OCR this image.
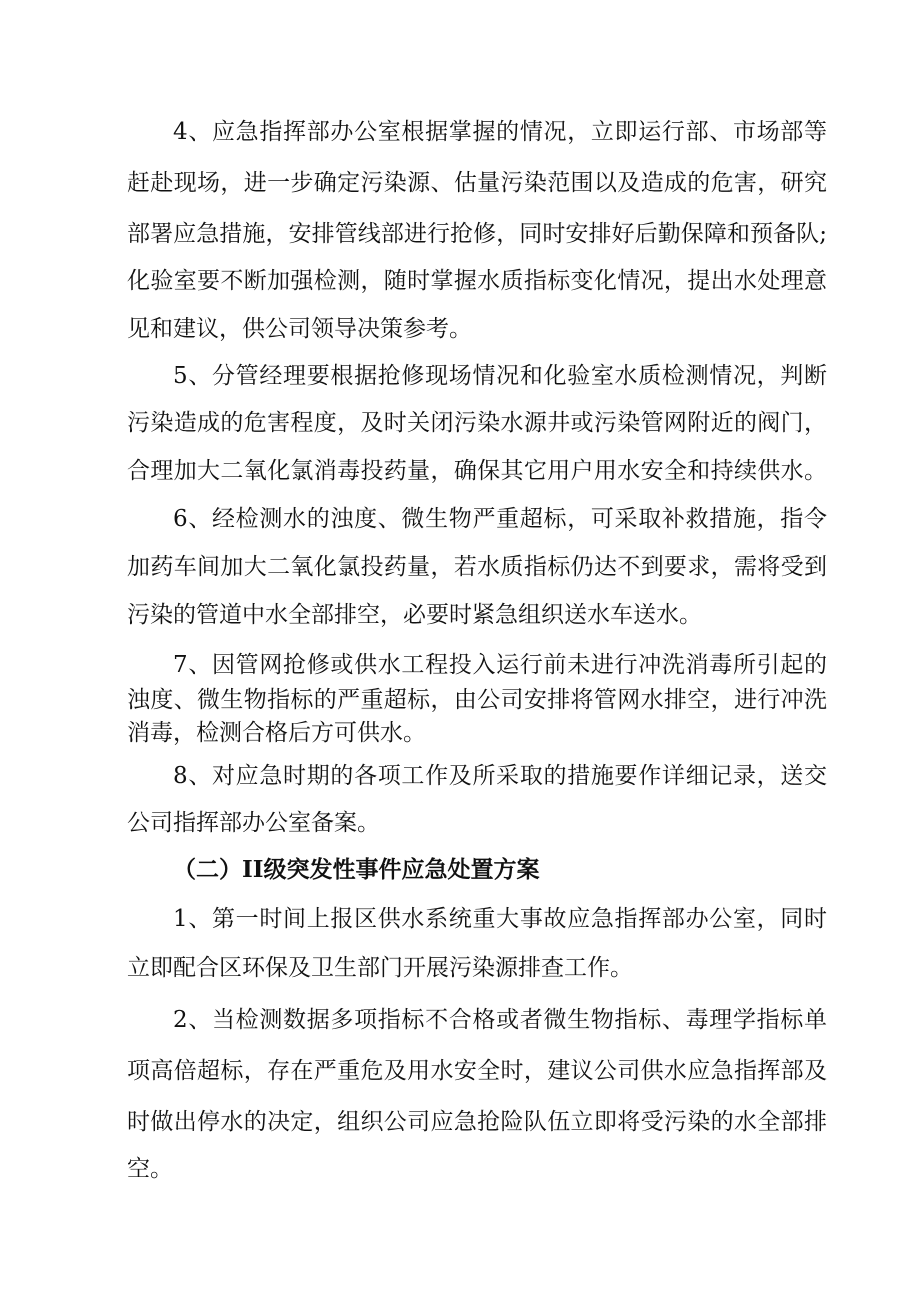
4、应急指挥部办公室根据掌握的情况，立即运行部、市场部等
赶赴现场，进一步确定污染源、估量污染范围以及造成的危害，研究
部署应急措施，安排管线部进行抢修，同时安排好后勤保障和预备队;
化验室要不断加强检测，随时掌握水质指标变化情况，提出水处理意
见和建议，供公司领导决策参考。
5、分管经理要根据抢修现场情况和化验室水质检测情况，判断
污染造成的危害程度，及时关闭污染水源井或污染管网附近的阀门，
合理加大二氧化氯消毒投药量，确保其它用户用水安全和持续供水。
6、经检测水的浊度、微生物严重超标，可采取补救措施，指令
加药车间加大二氧化氯投药量，若水质指标仍达不到要求，需将受到
污染的管道中水全部排空，必要时紧急组织送水车送水。
7、因管网抢修或供水工程投入运行前未进行冲洗消毒所引起的
浊度、微生物指标的严重超标，由公司安排将管网水排空，进行冲洗
消毒，检测合格后方可供水。
8、对应急时期的各项工作及所采取的措施要作详细记录，送交
公司指挥部办公室备案。
（二）II级突发性事件应急处置方案
1、第一时间上报区供水系统重大事故应急指挥部办公室，同时
立即配合区环保及卫生部门开展污染源排查工作。
2、当检测数据多项指标不合格或者微生物指标、毒理学指标单
项高倍超标，存在严重危及用水安全时，建议公司供水应急指挥部及
时做出停水的决定，组织公司应急抢险队伍立即将受污染的水全部排
空。
